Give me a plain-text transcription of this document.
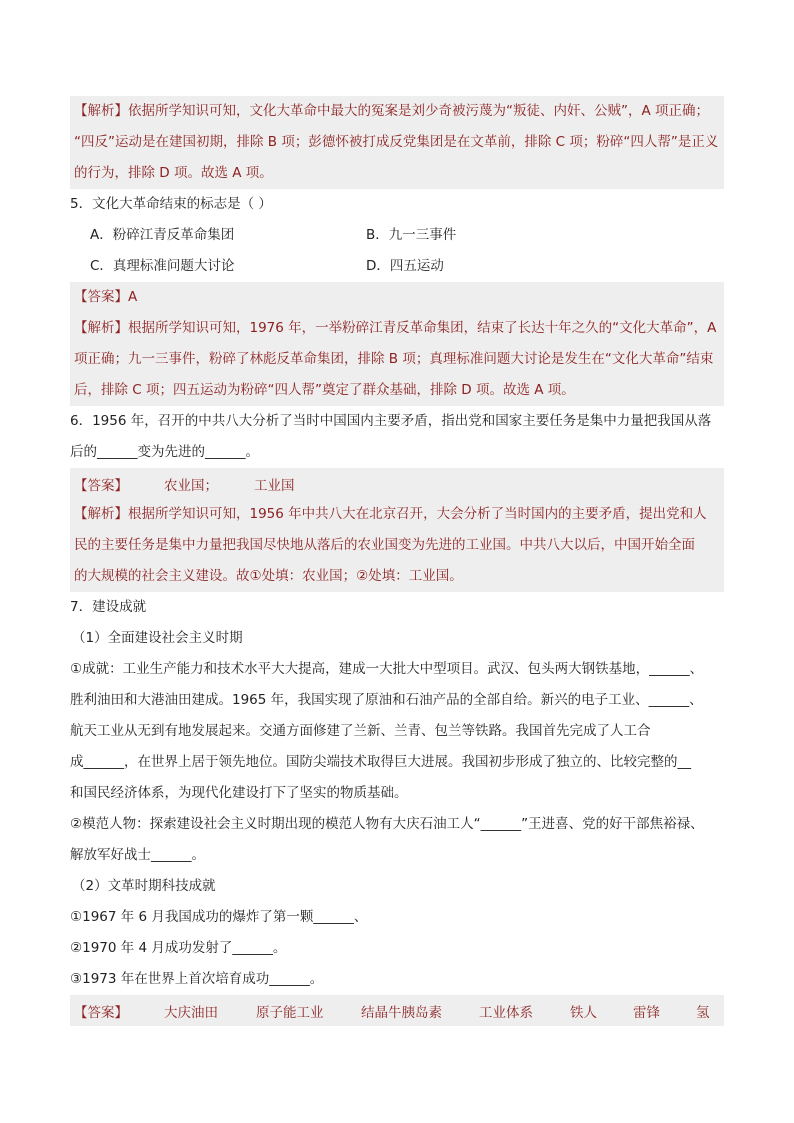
【解析】依据所学知识可知，文化大革命中最大的冤案是刘少奇被污蔑为“叛徒、内奸、公贼”，A 项正确；
“四反”运动是在建国初期，排除 B 项；彭德怀被打成反党集团是在文革前，排除 C 项；粉碎“四人帮”是正义
的行为，排除 D 项。故选 A 项。
5．文化大革命结束的标志是（ ）
A．粉碎江青反革命集团	B．九一三事件
C．真理标准问题大讨论	D．四五运动
【答案】A
【解析】根据所学知识可知，1976 年，一举粉碎江青反革命集团，结束了长达十年之久的“文化大革命”，A
项正确；九一三事件，粉碎了林彪反革命集团，排除 B 项；真理标准问题大讨论是发生在“文化大革命”结束
后，排除 C 项；四五运动为粉碎“四人帮”奠定了群众基础，排除 D 项。故选 A 项。
6．1956 年，召开的中共八大分析了当时中国国内主要矛盾，指出党和国家主要任务是集中力量把我国从落
后的______变为先进的______。
【答案】	农业国；	工业国
【解析】根据所学知识可知，1956 年中共八大在北京召开，大会分析了当时国内的主要矛盾，提出党和人
民的主要任务是集中力量把我国尽快地从落后的农业国变为先进的工业国。中共八大以后，中国开始全面
的大规模的社会主义建设。故①处填：农业国；②处填：工业国。
7．建设成就
（1）全面建设社会主义时期
①成就：工业生产能力和技术水平大大提高，建成一大批大中型项目。武汉、包头两大钢铁基地，______、
胜利油田和大港油田建成。1965 年，我国实现了原油和石油产品的全部自给。新兴的电子工业、______、
航天工业从无到有地发展起来。交通方面修建了兰新、兰青、包兰等铁路。我国首先完成了人工合
成______，在世界上居于领先地位。国防尖端技术取得巨大进展。我国初步形成了独立的、比较完整的__
和国民经济体系，为现代化建设打下了坚实的物质基础。
②模范人物：探索建设社会主义时期出现的模范人物有大庆石油工人“______”王进喜、党的好干部焦裕禄、
解放军好战士______。
（2）文革时期科技成就
①1967 年 6 月我国成功的爆炸了第一颗______、
②1970 年 4 月成功发射了______。
③1973 年在世界上首次培育成功______。
【答案】	大庆油田	原子能工业	结晶牛胰岛素	工业体系	铁人	雷锋	氢
